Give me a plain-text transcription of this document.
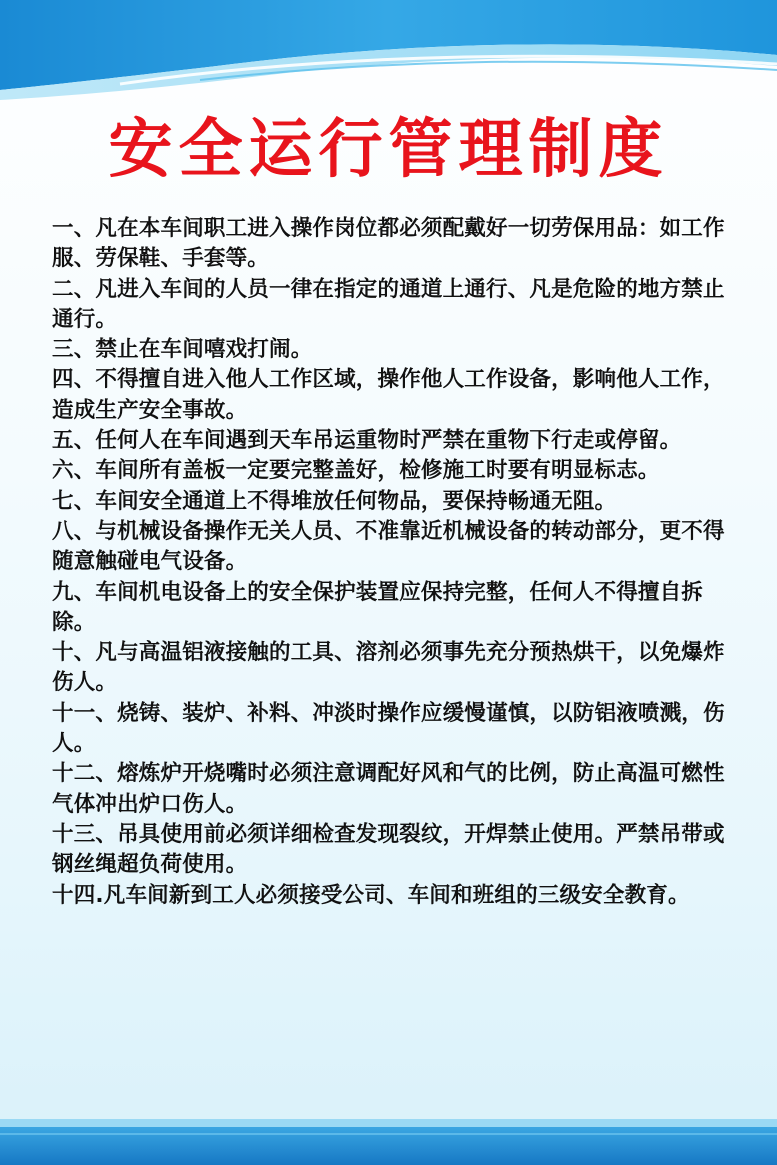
安全运行管理制度
一、凡在本车间职工进入操作岗位都必须配戴好一切劳保用品：如工作服、劳保鞋、手套等。
二、凡进入车间的人员一律在指定的通道上通行、凡是危险的地方禁止通行。
三、禁止在车间嘻戏打闹。
四、不得擅自进入他人工作区域，操作他人工作设备，影响他人工作，造成生产安全事故。
五、任何人在车间遇到天车吊运重物时严禁在重物下行走或停留。
六、车间所有盖板一定要完整盖好，检修施工时要有明显标志。
七、车间安全通道上不得堆放任何物品，要保持畅通无阻。
八、与机械设备操作无关人员、不准靠近机械设备的转动部分，更不得随意触碰电气设备。
九、车间机电设备上的安全保护装置应保持完整，任何人不得擅自拆除。
十、凡与高温铝液接触的工具、溶剂必须事先充分预热烘干，以免爆炸伤人。
十一、烧铸、装炉、补料、冲淡时操作应缓慢谨慎，以防铝液喷溅，伤人。
十二、熔炼炉开烧嘴时必须注意调配好风和气的比例，防止高温可燃性气体冲出炉口伤人。
十三、吊具使用前必须详细检查发现裂纹，开焊禁止使用。严禁吊带或钢丝绳超负荷使用。
十四.凡车间新到工人必须接受公司、车间和班组的三级安全教育。
